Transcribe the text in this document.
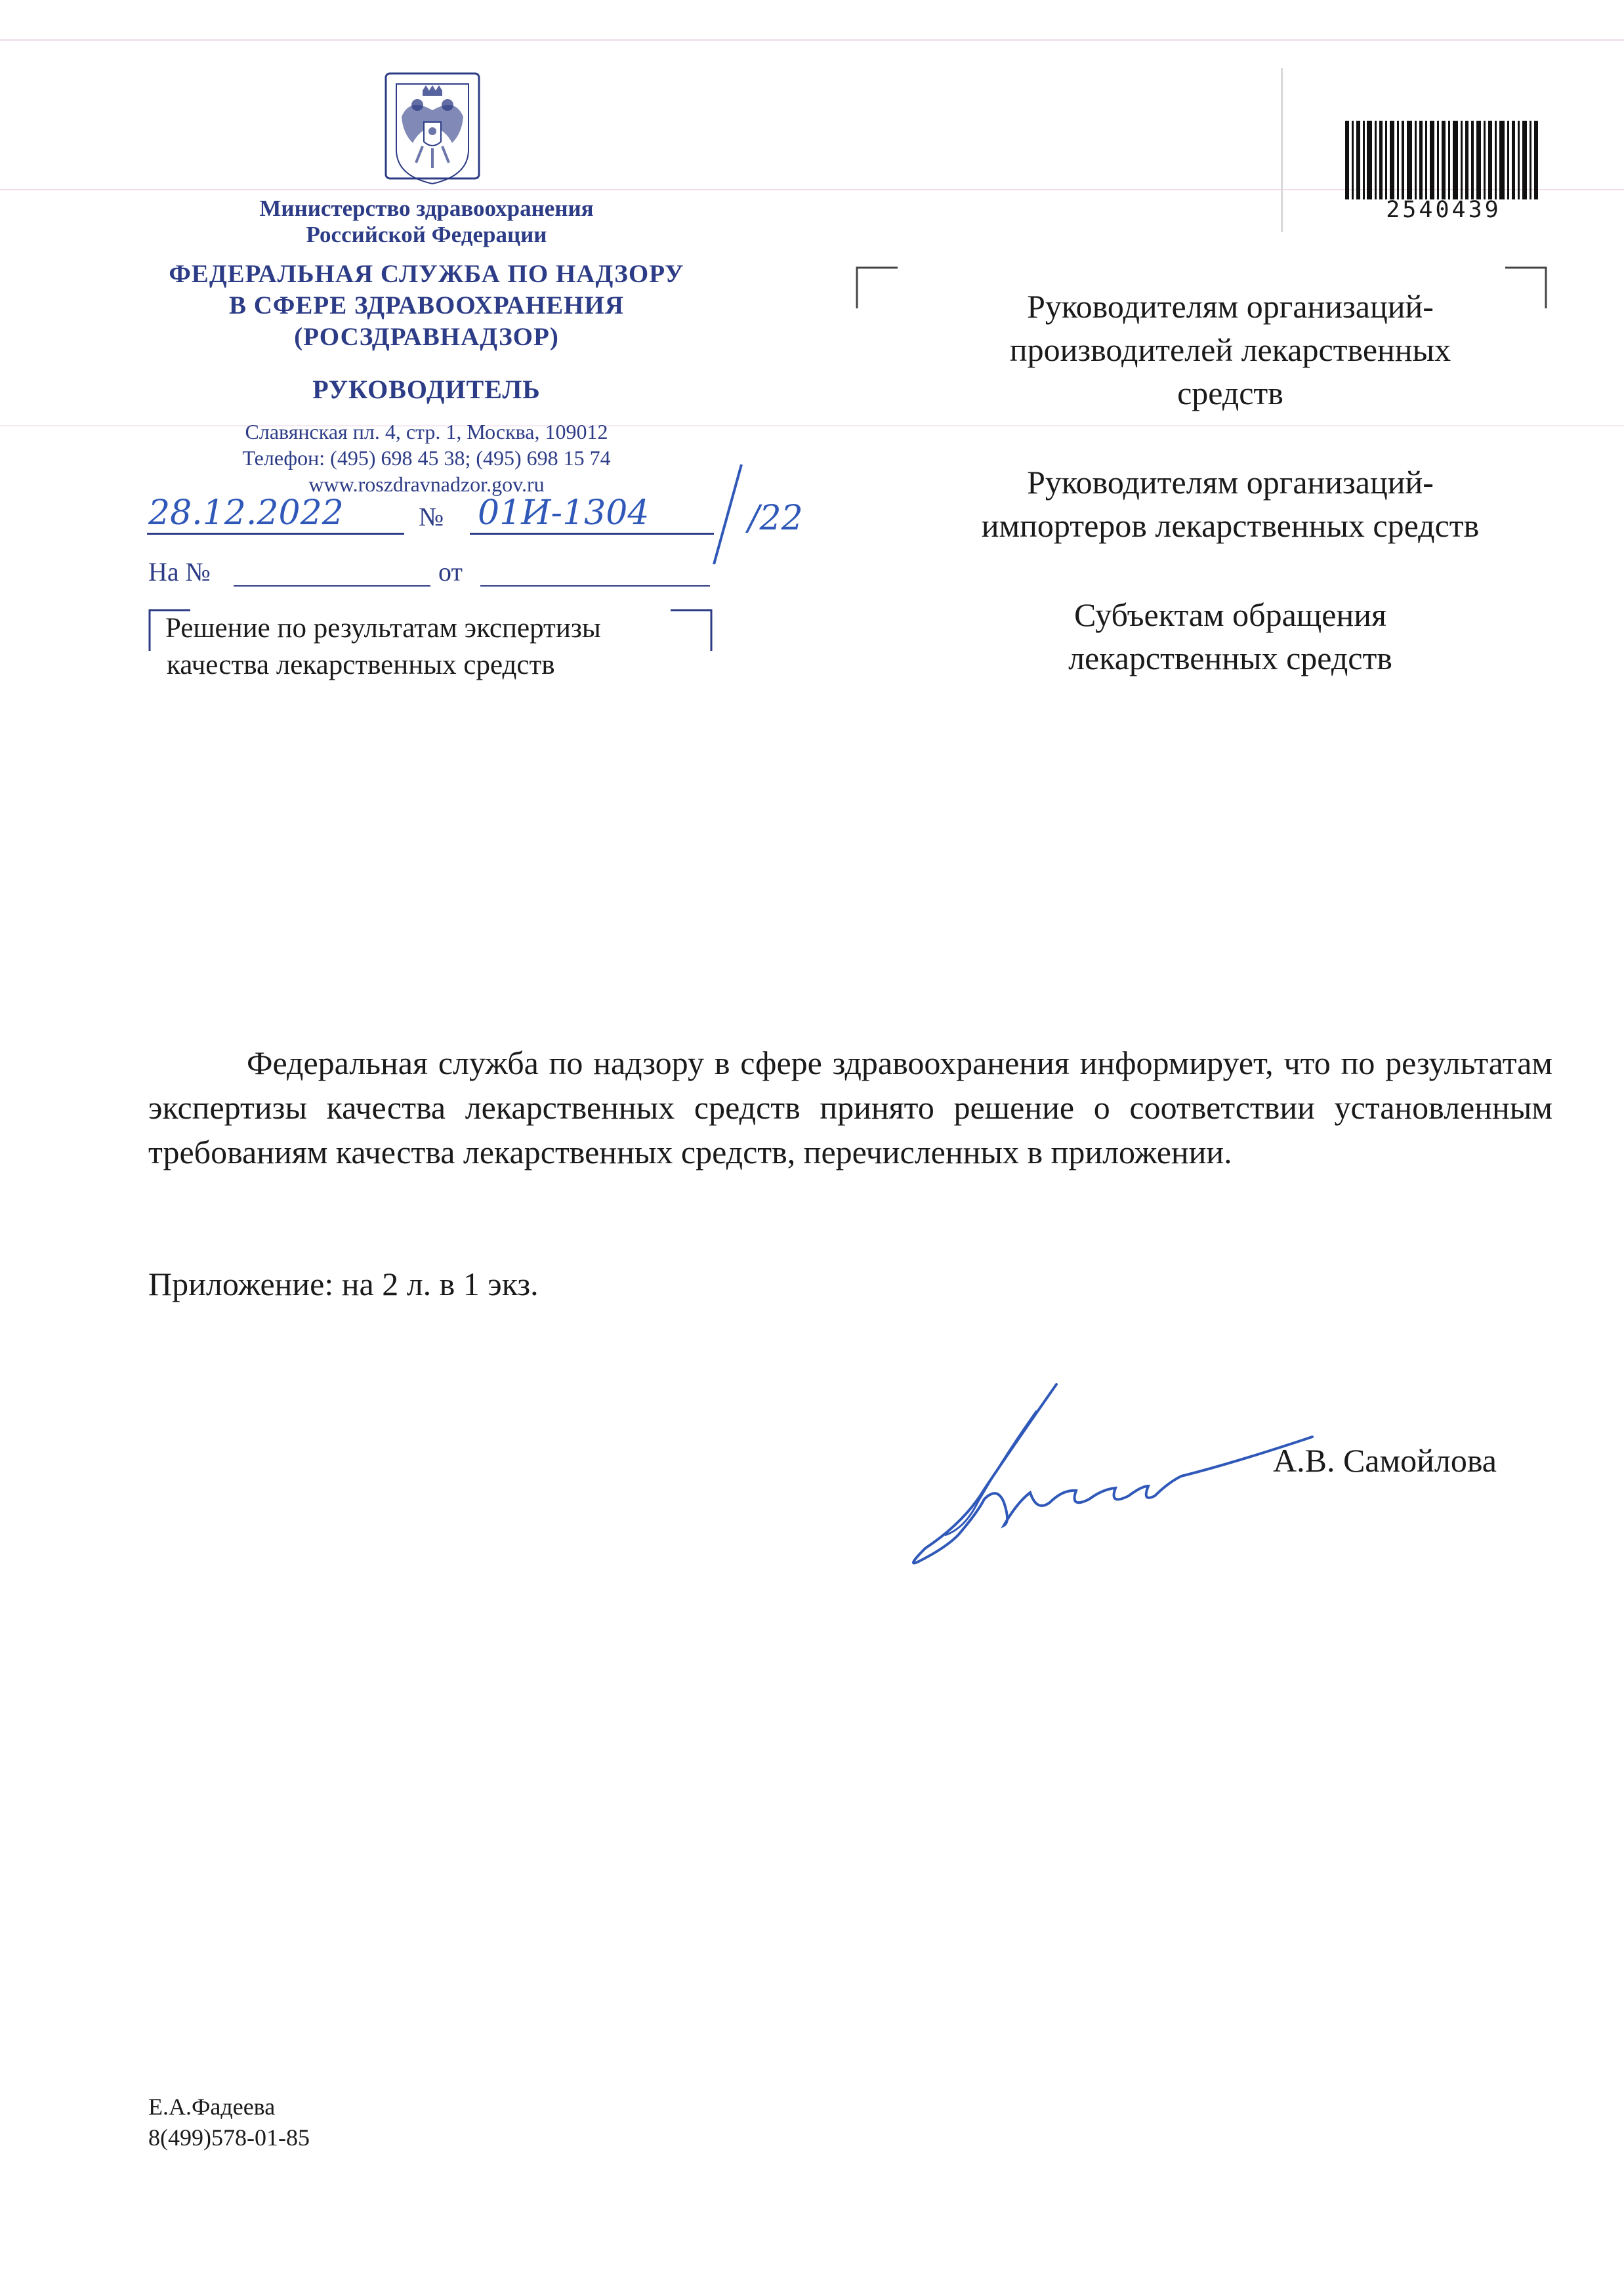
Министерство здравоохранения
Российской Федерации
ФЕДЕРАЛЬНАЯ СЛУЖБА ПО НАДЗОРУ
В СФЕРЕ ЗДРАВООХРАНЕНИЯ
(РОСЗДРАВНАДЗОР)
РУКОВОДИТЕЛЬ
Славянская пл. 4, стр. 1, Москва, 109012
Телефон: (495) 698 45 38; (495) 698 15 74
www.roszdravnadzor.gov.ru
28.12.2022	№ 01И-1304	/22
На №	от
Решение по результатам экспертизы
качества лекарственных средств
2540439
Руководителям организаций-
производителей лекарственных
средств
Руководителям организаций-
импортеров лекарственных средств
Субъектам обращения
лекарственных средств
Федеральная служба по надзору в сфере здравоохранения информирует, что по результатам экспертизы качества лекарственных средств принято решение о соответствии установленным требованиям качества лекарственных средств, перечисленных в приложении.
Приложение: на 2 л. в 1 экз.
А.В. Самойлова
Е.А.Фадеева
8(499)578-01-85
